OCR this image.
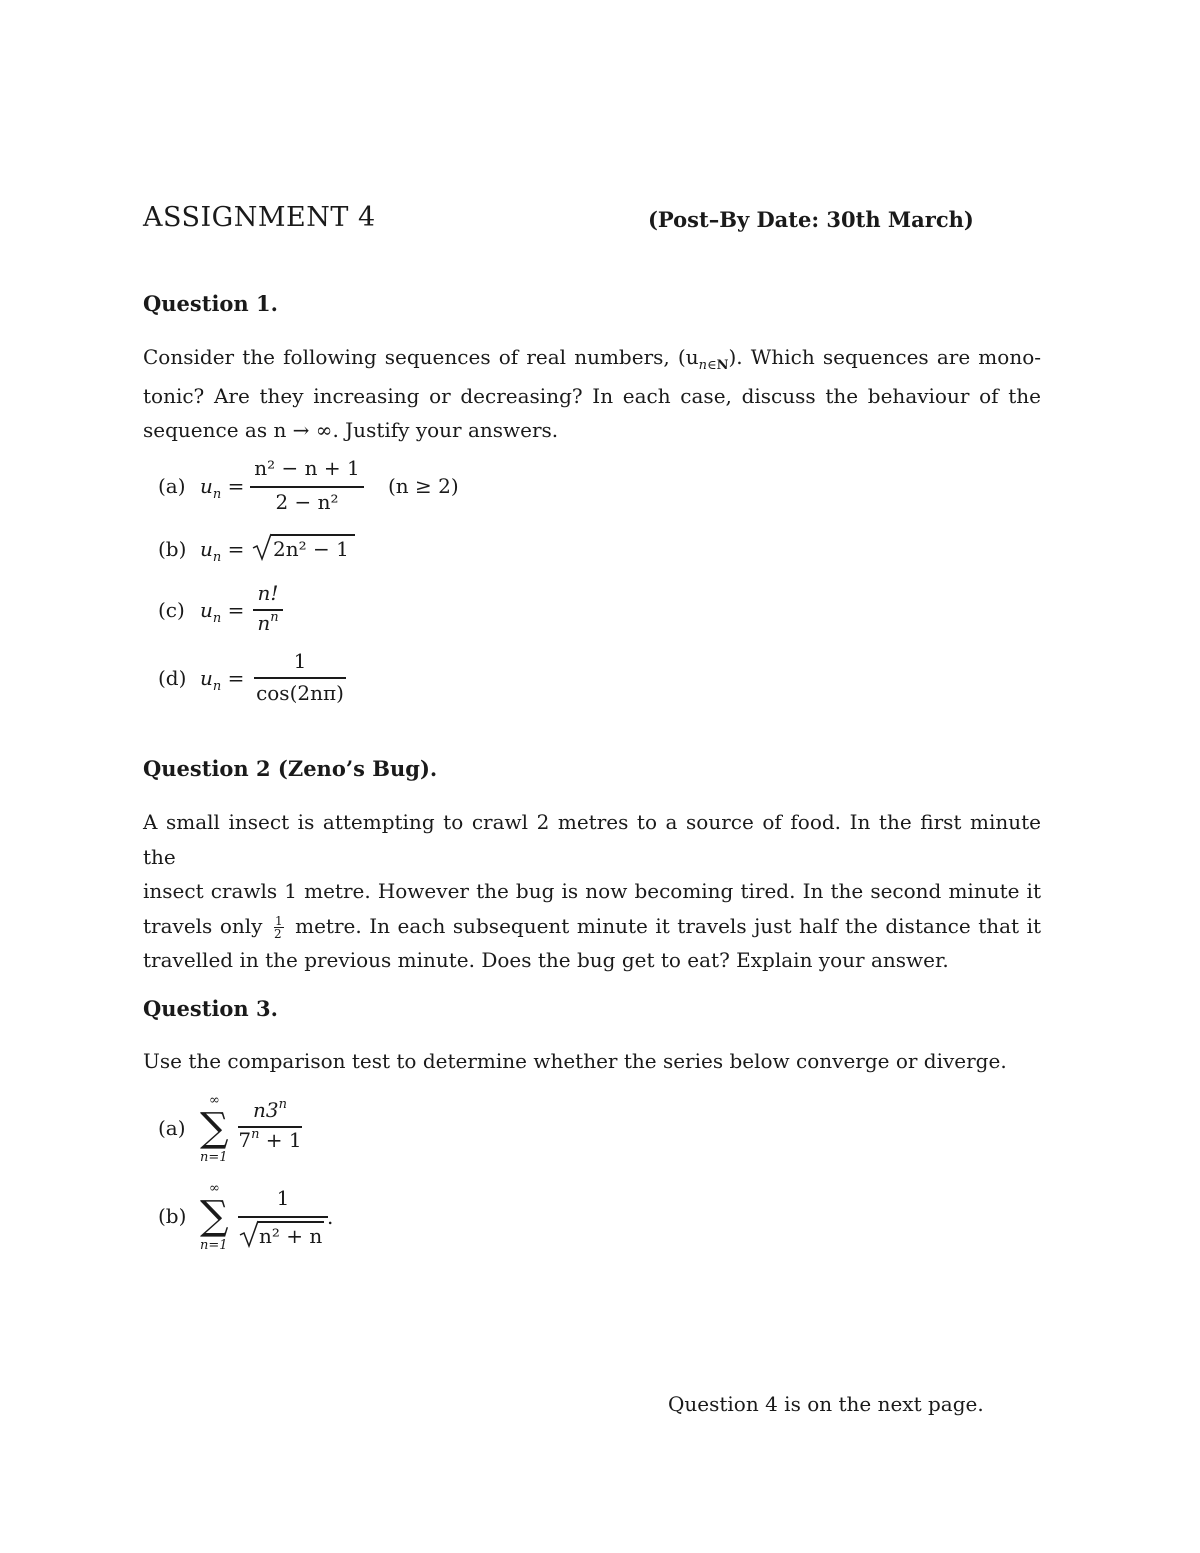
ASSIGNMENT 4	(Post–By Date: 30th March)
Question 1.
Consider the following sequences of real numbers, $(u_{n\in N})$. Which sequences are mono-
tonic? Are they increasing or decreasing? In each case, discuss the behaviour of the
sequence as n → ∞. Justify your answers.
(a) $u_n$ =
n² − n + 1
2 − n²
(n ≥ 2)
(b) $u_n = 2n^2 - 1$
(c) $u_n$ =
n!
$n^n$
(d) $u_n$ =
1
cos(2nπ)
Question 2 (Zeno’s Bug).
A small insect is attempting to crawl 2 metres to a source of food. In the first minute the
insect crawls 1 metre. However the bug is now becoming tired. In the second minute it
travels only $\frac{1}{2}$ metre. In each subsequent minute it travels just half the distance that it
travelled in the previous minute. Does the bug get to eat? Explain your answer.
Question 3.
Use the comparison test to determine whether the series below converge or diverge.
(a)
∞
∑
n=1
n3$^n$
$7^n + 1$
(b)
∞
∑
n=1
1
n² + n
.
Question 4 is on the next page.
